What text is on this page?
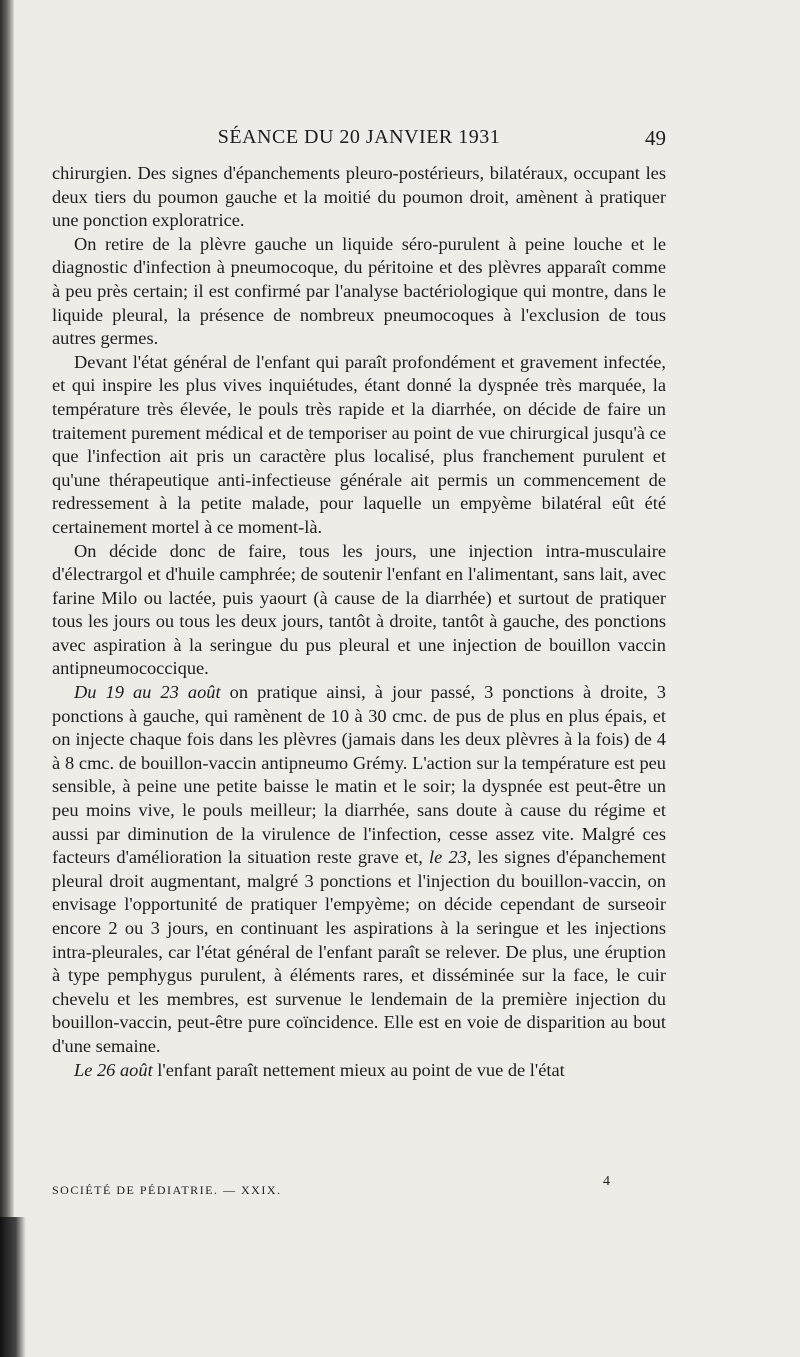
SÉANCE DU 20 JANVIER 1931	49

chirurgien. Des signes d'épanchements pleuro-postérieurs, bilatéraux, occupant les deux tiers du poumon gauche et la moitié du poumon droit, amènent à pratiquer une ponction exploratrice.

On retire de la plèvre gauche un liquide séro-purulent à peine louche et le diagnostic d'infection à pneumocoque, du péritoine et des plèvres apparaît comme à peu près certain; il est confirmé par l'analyse bactériologique qui montre, dans le liquide pleural, la présence de nombreux pneumocoques à l'exclusion de tous autres germes.

Devant l'état général de l'enfant qui paraît profondément et gravement infectée, et qui inspire les plus vives inquiétudes, étant donné la dyspnée très marquée, la température très élevée, le pouls très rapide et la diarrhée, on décide de faire un traitement purement médical et de temporiser au point de vue chirurgical jusqu'à ce que l'infection ait pris un caractère plus localisé, plus franchement purulent et qu'une thérapeutique anti-infectieuse générale ait permis un commencement de redressement à la petite malade, pour laquelle un empyème bilatéral eût été certainement mortel à ce moment-là.

On décide donc de faire, tous les jours, une injection intra-musculaire d'électrargol et d'huile camphrée; de soutenir l'enfant en l'alimentant, sans lait, avec farine Milo ou lactée, puis yaourt (à cause de la diarrhée) et surtout de pratiquer tous les jours ou tous les deux jours, tantôt à droite, tantôt à gauche, des ponctions avec aspiration à la seringue du pus pleural et une injection de bouillon vaccin antipneumococcique.

Du 19 au 23 août on pratique ainsi, à jour passé, 3 ponctions à droite, 3 ponctions à gauche, qui ramènent de 10 à 30 cmc. de pus de plus en plus épais, et on injecte chaque fois dans les plèvres (jamais dans les deux plèvres à la fois) de 4 à 8 cmc. de bouillon-vaccin antipneumo Grémy. L'action sur la température est peu sensible, à peine une petite baisse le matin et le soir; la dyspnée est peut-être un peu moins vive, le pouls meilleur; la diarrhée, sans doute à cause du régime et aussi par diminution de la virulence de l'infection, cesse assez vite. Malgré ces facteurs d'amélioration la situation reste grave et, le 23, les signes d'épanchement pleural droit augmentant, malgré 3 ponctions et l'injection du bouillon-vaccin, on envisage l'opportunité de pratiquer l'empyème; on décide cependant de surseoir encore 2 ou 3 jours, en continuant les aspirations à la seringue et les injections intra-pleurales, car l'état général de l'enfant paraît se relever. De plus, une éruption à type pemphygus purulent, à éléments rares, et disséminée sur la face, le cuir chevelu et les membres, est survenue le lendemain de la première injection du bouillon-vaccin, peut-être pure coïncidence. Elle est en voie de disparition au bout d'une semaine.

Le 26 août l'enfant paraît nettement mieux au point de vue de l'état

SOCIÉTÉ DE PÉDIATRIE. — XXIX.
4
